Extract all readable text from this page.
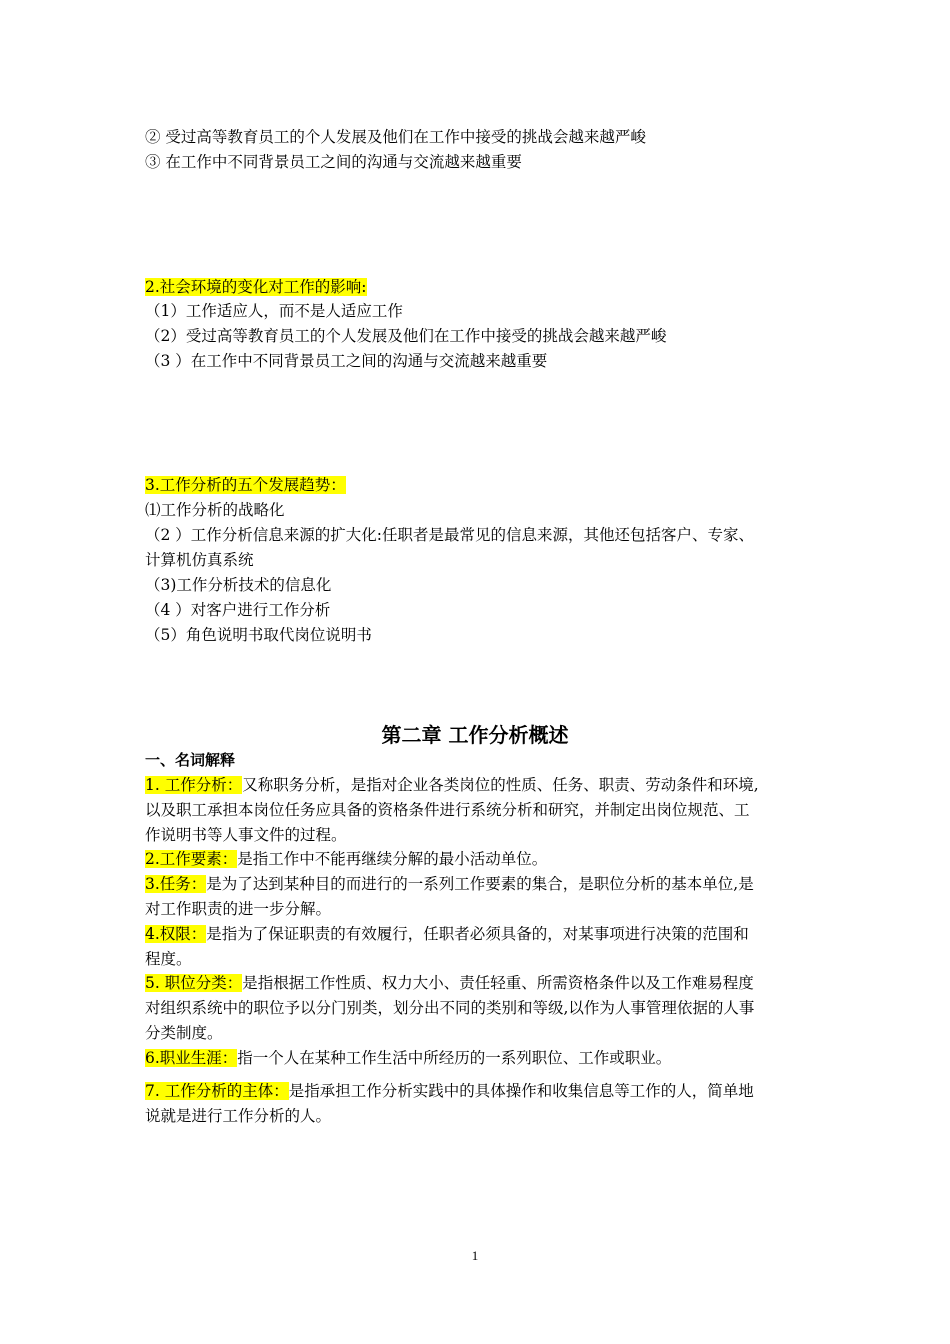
② 受过高等教育员工的个人发展及他们在工作中接受的挑战会越来越严峻
③ 在工作中不同背景员工之间的沟通与交流越来越重要
2.社会环境的变化对工作的影响:
（1）工作适应人，而不是人适应工作
（2）受过高等教育员工的个人发展及他们在工作中接受的挑战会越来越严峻
（3 ）在工作中不同背景员工之间的沟通与交流越来越重要
3.工作分析的五个发展趋势：
⑴工作分析的战略化
（2 ）工作分析信息来源的扩大化:任职者是最常见的信息来源，其他还包括客户、专家、
计算机仿真系统
（3)工作分析技术的信息化
（4 ）对客户进行工作分析
（5）角色说明书取代岗位说明书
第二章 工作分析概述
一、名词解释
1. 工作分析：又称职务分析，是指对企业各类岗位的性质、任务、职责、劳动条件和环境,
以及职工承担本岗位任务应具备的资格条件进行系统分析和研究，并制定出岗位规范、工
作说明书等人事文件的过程。
2.工作要素：是指工作中不能再继续分解的最小活动单位。
3.任务：是为了达到某种目的而进行的一系列工作要素的集合，是职位分析的基本单位,是
对工作职责的进一步分解。
4.权限：是指为了保证职责的有效履行，任职者必须具备的，对某事项进行决策的范围和
程度。
5. 职位分类：是指根据工作性质、权力大小、责任轻重、所需资格条件以及工作难易程度
对组织系统中的职位予以分门别类，划分出不同的类别和等级,以作为人事管理依据的人事
分类制度。
6.职业生涯：指一个人在某种工作生活中所经历的一系列职位、工作或职业。
7. 工作分析的主体：是指承担工作分析实践中的具体操作和收集信息等工作的人，简单地
说就是进行工作分析的人。
1
